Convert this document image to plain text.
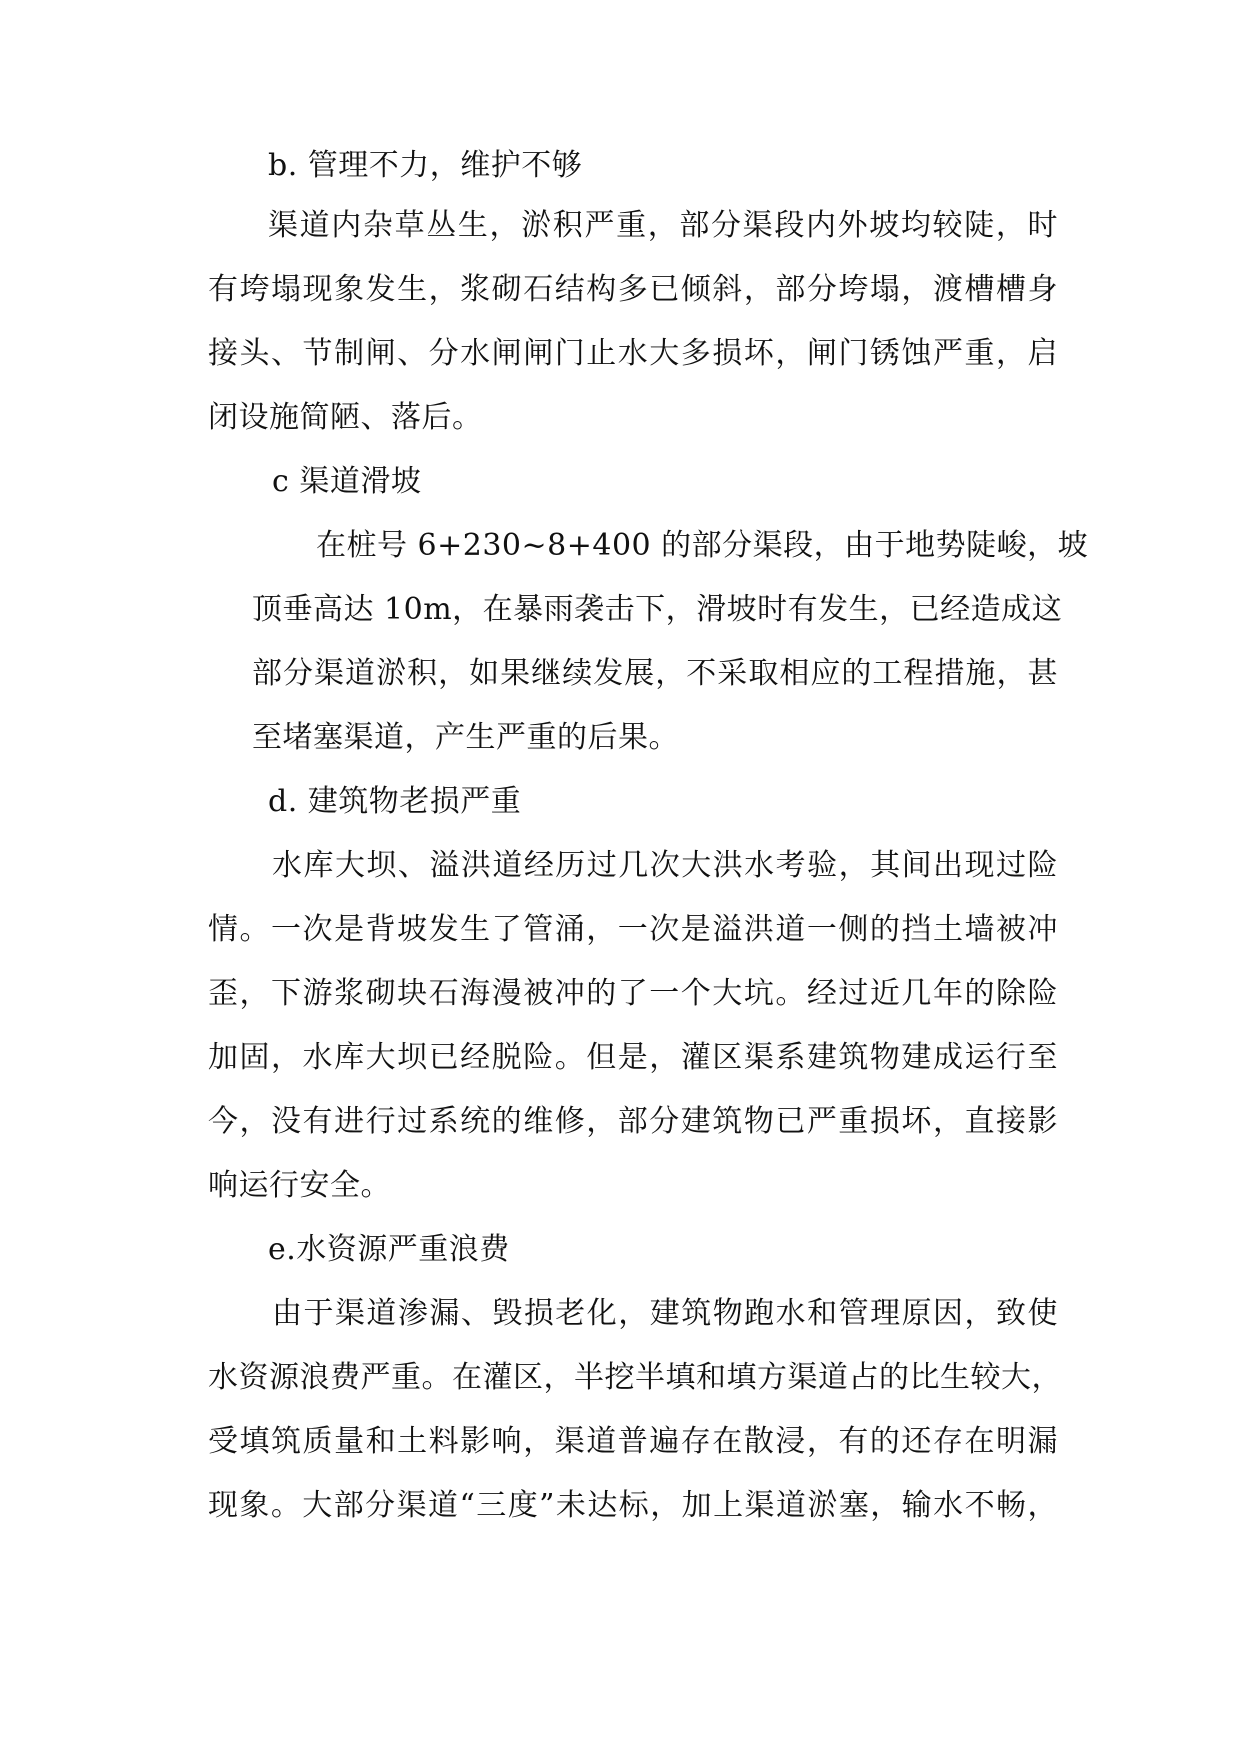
b. 管理不力，维护不够
渠道内杂草丛生，淤积严重，部分渠段内外坡均较陡，时
有垮塌现象发生，浆砌石结构多已倾斜，部分垮塌，渡槽槽身
接头、节制闸、分水闸闸门止水大多损坏，闸门锈蚀严重，启
闭设施简陋、落后。
c 渠道滑坡
在桩号 6+230~8+400 的部分渠段，由于地势陡峻，坡
顶垂高达 10m，在暴雨袭击下，滑坡时有发生，已经造成这
部分渠道淤积，如果继续发展，不采取相应的工程措施，甚
至堵塞渠道，产生严重的后果。
d. 建筑物老损严重
水库大坝、溢洪道经历过几次大洪水考验，其间出现过险
情。一次是背坡发生了管涌，一次是溢洪道一侧的挡土墙被冲
歪，下游浆砌块石海漫被冲的了一个大坑。经过近几年的除险
加固，水库大坝已经脱险。但是，灌区渠系建筑物建成运行至
今，没有进行过系统的维修，部分建筑物已严重损坏，直接影
响运行安全。
e.水资源严重浪费
由于渠道渗漏、毁损老化，建筑物跑水和管理原因，致使
水资源浪费严重。在灌区，半挖半填和填方渠道占的比生较大，
受填筑质量和土料影响，渠道普遍存在散浸，有的还存在明漏
现象。大部分渠道“三度”未达标，加上渠道淤塞，输水不畅，
